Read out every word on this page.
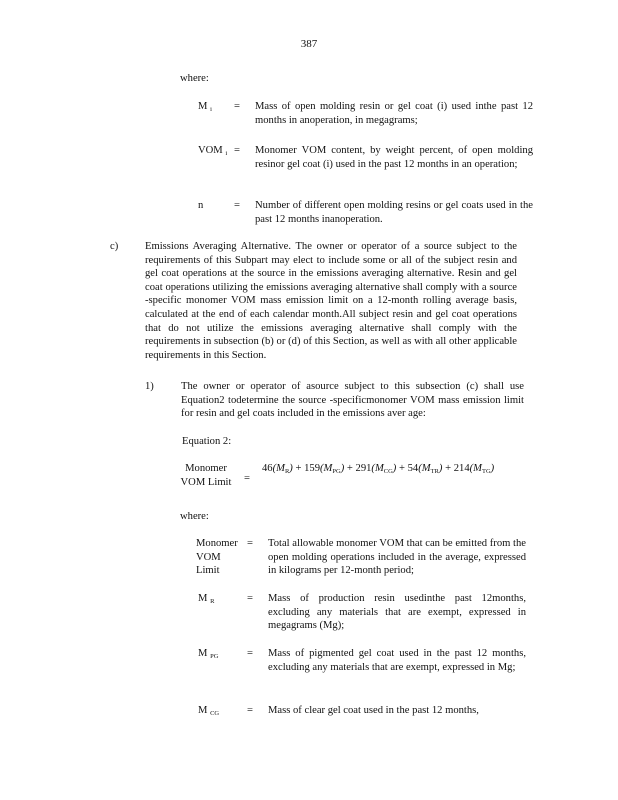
387
where:
M $_i$	= Mass of open molding resin or gel coat (i) used inthe past 12 months in anoperation, in megagrams;
VOM $_i$ = Monomer VOM content, by weight percent, of open molding resinor gel coat (i) used in the past 12 months in an operation;
n	= Number of different open molding resins or gel coats used in the past 12 months inanoperation.
c)	Emissions Averaging Alternative. The owner or operator of a source subject to the requirements of this Subpart may elect to include some or all of the subject resin and gel coat operations at the source in the emissions averaging alternative. Resin and gel coat operations utilizing the emissions averaging alternative shall comply with a source -specific monomer VOM mass emission limit on a 12-month rolling average basis, calculated at the end of each calendar month.All subject resin and gel coat operations that do not utilize the emissions averaging alternative shall comply with the requirements in subsection (b) or (d) of this Section, as well as with all other applicable requirements in this Section.
1)	The owner or operator of asource subject to this subsection (c) shall use Equation2 todetermine the source -specificmonomer VOM mass emission limit for resin and gel coats included in the emissions aver age:
Equation 2:
Monomer
VOM Limit =
$46(M_R) + 159(M_{PG}) + 291(M_{CG}) + 54(M_{TR}) + 214(M_{TG})$
where:
Monomer
VOM
Limit
= Total allowable monomer VOM that can be emitted from the open molding operations included in the average, expressed in kilograms per 12-month period;
M $_R$	= Mass of production resin usedinthe past 12months, excluding any materials that are exempt, expressed in megagrams (Mg);
M $_{PG}$	= Mass of pigmented gel coat used in the past 12 months, excluding any materials that are exempt, expressed in Mg;
M $_{CG}$	= Mass of clear gel coat used in the past 12 months,
